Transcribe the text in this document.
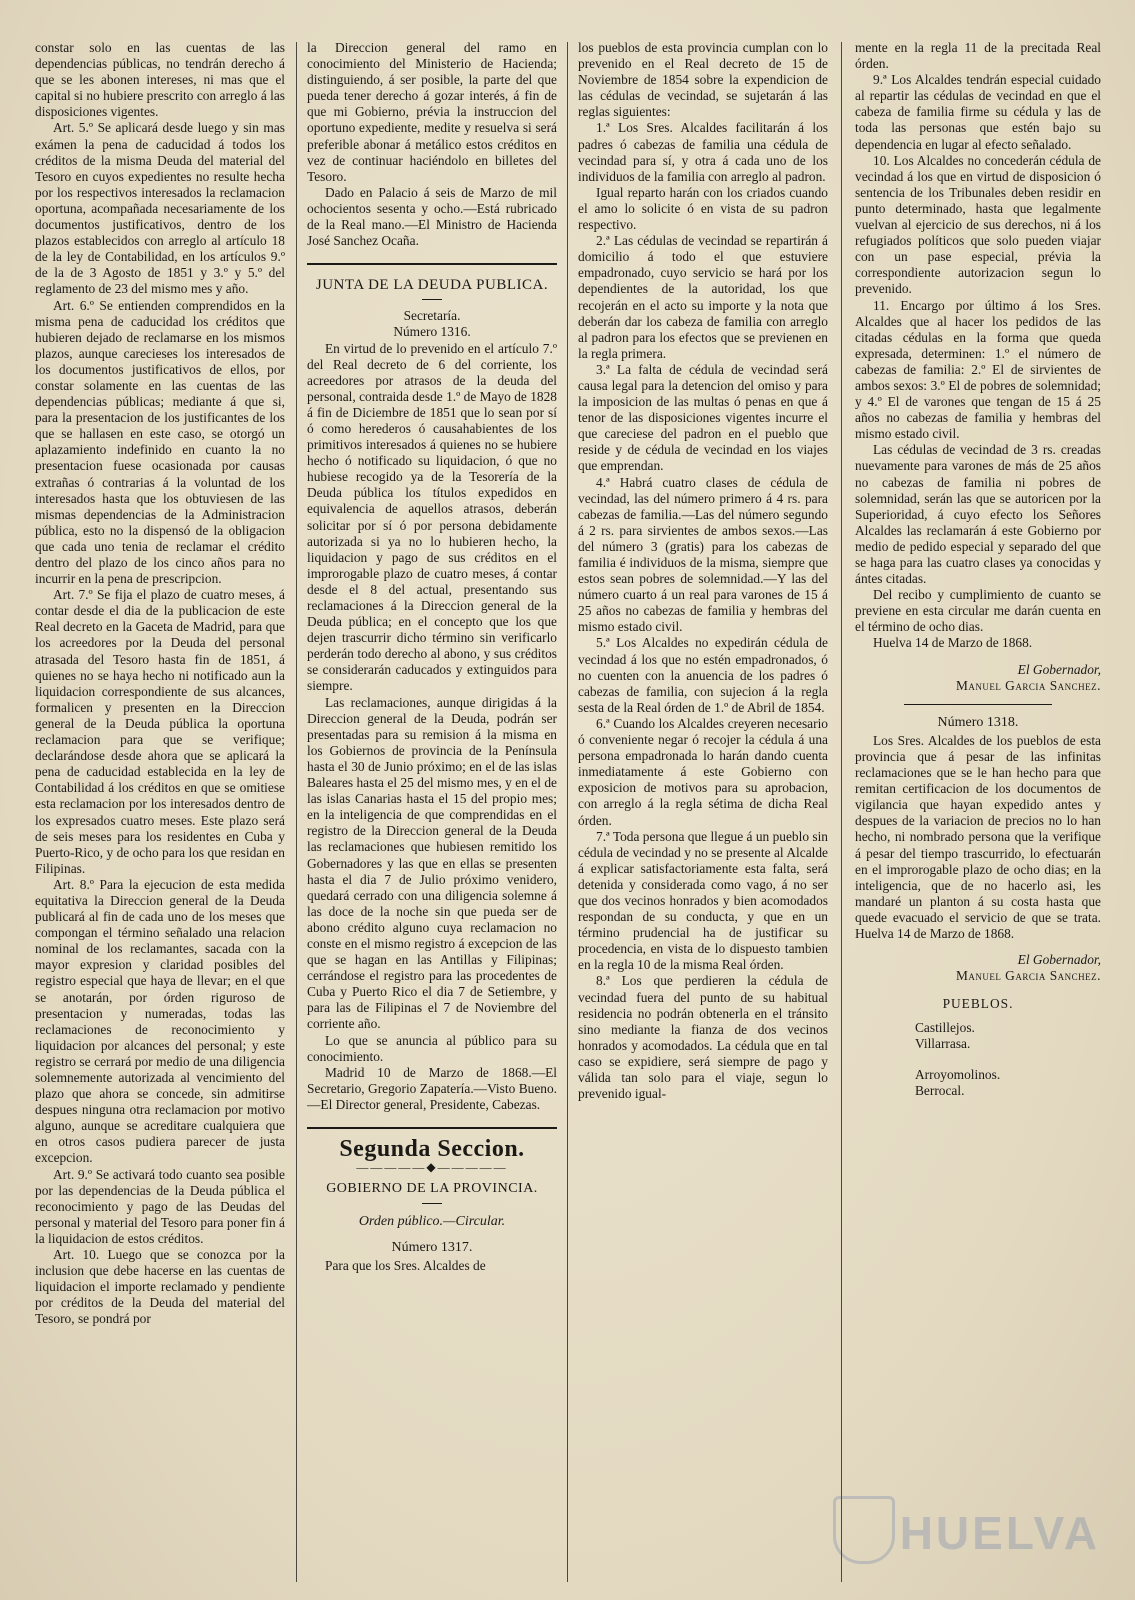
constar solo en las cuentas de las dependencias públicas, no tendrán derecho á que se les abonen intereses, ni mas que el capital si no hubiere prescrito con arreglo á las disposiciones vigentes.

Art. 5.º Se aplicará desde luego y sin mas exámen la pena de caducidad á todos los créditos de la misma Deuda del material del Tesoro en cuyos expedientes no resulte hecha por los respectivos interesados la reclamacion oportuna, acompañada necesariamente de los documentos justificativos, dentro de los plazos establecidos con arreglo al artículo 18 de la ley de Contabilidad, en los artículos 9.º de la de 3 Agosto de 1851 y 3.º y 5.º del reglamento de 23 del mismo mes y año.

Art. 6.º Se entienden comprendidos en la misma pena de caducidad los créditos que hubieren dejado de reclamarse en los mismos plazos, aunque carecieses los interesados de los documentos justificativos de ellos, por constar solamente en las cuentas de las dependencias públicas; mediante á que si, para la presentacion de los justificantes de los que se hallasen en este caso, se otorgó un aplazamiento indefinido en cuanto la no presentacion fuese ocasionada por causas extrañas ó contrarias á la voluntad de los interesados hasta que los obtuviesen de las mismas dependencias de la Administracion pública, esto no la dispensó de la obligacion que cada uno tenia de reclamar el crédito dentro del plazo de los cinco años para no incurrir en la pena de prescripcion.

Art. 7.º Se fija el plazo de cuatro meses, á contar desde el dia de la publicacion de este Real decreto en la Gaceta de Madrid, para que los acreedores por la Deuda del personal atrasada del Tesoro hasta fin de 1851, á quienes no se haya hecho ni notificado aun la liquidacion correspondiente de sus alcances, formalicen y presenten en la Direccion general de la Deuda pública la oportuna reclamacion para que se verifique; declarándose desde ahora que se aplicará la pena de caducidad establecida en la ley de Contabilidad á los créditos en que se omitiese esta reclamacion por los interesados dentro de los expresados cuatro meses. Este plazo será de seis meses para los residentes en Cuba y Puerto-Rico, y de ocho para los que residan en Filipinas.

Art. 8.º Para la ejecucion de esta medida equitativa la Direccion general de la Deuda publicará al fin de cada uno de los meses que compongan el término señalado una relacion nominal de los reclamantes, sacada con la mayor expresion y claridad posibles del registro especial que haya de llevar; en el que se anotarán, por órden riguroso de presentacion y numeradas, todas las reclamaciones de reconocimiento y liquidacion por alcances del personal; y este registro se cerrará por medio de una diligencia solemnemente autorizada al vencimiento del plazo que ahora se concede, sin admitirse despues ninguna otra reclamacion por motivo alguno, aunque se acreditare cualquiera que en otros casos pudiera parecer de justa excepcion.

Art. 9.º Se activará todo cuanto sea posible por las dependencias de la Deuda pública el reconocimiento y pago de las Deudas del personal y material del Tesoro para poner fin á la liquidacion de estos créditos.

Art. 10. Luego que se conozca por la inclusion que debe hacerse en las cuentas de liquidacion el importe reclamado y pendiente por créditos de la Deuda del material del Tesoro, se pondrá por

la Direccion general del ramo en conocimiento del Ministerio de Hacienda; distinguiendo, á ser posible, la parte del que pueda tener derecho á gozar interés, á fin de que mi Gobierno, prévia la instruccion del oportuno expediente, medite y resuelva si será preferible abonar á metálico estos créditos en vez de continuar haciéndolo en billetes del Tesoro.

Dado en Palacio á seis de Marzo de mil ochocientos sesenta y ocho.—Está rubricado de la Real mano.—El Ministro de Hacienda José Sanchez Ocaña.

JUNTA DE LA DEUDA PUBLICA.

Secretaría.

Número 1316.

En virtud de lo prevenido en el artículo 7.º del Real decreto de 6 del corriente, los acreedores por atrasos de la deuda del personal, contraida desde 1.º de Mayo de 1828 á fin de Diciembre de 1851 que lo sean por sí ó como herederos ó causahabientes de los primitivos interesados á quienes no se hubiere hecho ó notificado su liquidacion, ó que no hubiese recogido ya de la Tesorería de la Deuda pública los títulos expedidos en equivalencia de aquellos atrasos, deberán solicitar por sí ó por persona debidamente autorizada si ya no lo hubieren hecho, la liquidacion y pago de sus créditos en el improrogable plazo de cuatro meses, á contar desde el 8 del actual, presentando sus reclamaciones á la Direccion general de la Deuda pública; en el concepto que los que dejen trascurrir dicho término sin verificarlo perderán todo derecho al abono, y sus créditos se considerarán caducados y extinguidos para siempre.

Las reclamaciones, aunque dirigidas á la Direccion general de la Deuda, podrán ser presentadas para su remision á la misma en los Gobiernos de provincia de la Península hasta el 30 de Junio próximo; en el de las islas Baleares hasta el 25 del mismo mes, y en el de las islas Canarias hasta el 15 del propio mes; en la inteligencia de que comprendidas en el registro de la Direccion general de la Deuda las reclamaciones que hubiesen remitido los Gobernadores y las que en ellas se presenten hasta el dia 7 de Julio próximo venidero, quedará cerrado con una diligencia solemne á las doce de la noche sin que pueda ser de abono crédito alguno cuya reclamacion no conste en el mismo registro á excepcion de las que se hagan en las Antillas y Filipinas; cerrándose el registro para las procedentes de Cuba y Puerto Rico el dia 7 de Setiembre, y para las de Filipinas el 7 de Noviembre del corriente año.

Lo que se anuncia al público para su conocimiento.

Madrid 10 de Marzo de 1868.—El Secretario, Gregorio Zapatería.—Visto Bueno.—El Director general, Presidente, Cabezas.

Segunda Seccion.
—————◆—————
GOBIERNO DE LA PROVINCIA.
Orden público.—Circular.
Número 1317.

Para que los Sres. Alcaldes de

los pueblos de esta provincia cumplan con lo prevenido en el Real decreto de 15 de Noviembre de 1854 sobre la expendicion de las cédulas de vecindad, se sujetarán á las reglas siguientes:

1.ª Los Sres. Alcaldes facilitarán á los padres ó cabezas de familia una cédula de vecindad para sí, y otra á cada uno de los individuos de la familia con arreglo al padron.

Igual reparto harán con los criados cuando el amo lo solicite ó en vista de su padron respectivo.

2.ª Las cédulas de vecindad se repartirán á domicilio á todo el que estuviere empadronado, cuyo servicio se hará por los dependientes de la autoridad, los que recojerán en el acto su importe y la nota que deberán dar los cabeza de familia con arreglo al padron para los efectos que se previenen en la regla primera.

3.ª La falta de cédula de vecindad será causa legal para la detencion del omiso y para la imposicion de las multas ó penas en que á tenor de las disposiciones vigentes incurre el que careciese del padron en el pueblo que reside y de cédula de vecindad en los viajes que emprendan.

4.ª Habrá cuatro clases de cédula de vecindad, las del número primero á 4 rs. para cabezas de familia.—Las del número segundo á 2 rs. para sirvientes de ambos sexos.—Las del número 3 (gratis) para los cabezas de familia é individuos de la misma, siempre que estos sean pobres de solemnidad.—Y las del número cuarto á un real para varones de 15 á 25 años no cabezas de familia y hembras del mismo estado civil.

5.ª Los Alcaldes no expedirán cédula de vecindad á los que no estén empadronados, ó no cuenten con la anuencia de los padres ó cabezas de familia, con sujecion á la regla sesta de la Real órden de 1.º de Abril de 1854.

6.ª Cuando los Alcaldes creyeren necesario ó conveniente negar ó recojer la cédula á una persona empadronada lo harán dando cuenta inmediatamente á este Gobierno con exposicion de motivos para su aprobacion, con arreglo á la regla sétima de dicha Real órden.

7.ª Toda persona que llegue á un pueblo sin cédula de vecindad y no se presente al Alcalde á explicar satisfactoriamente esta falta, será detenida y considerada como vago, á no ser que dos vecinos honrados y bien acomodados respondan de su conducta, y que en un término prudencial ha de justificar su procedencia, en vista de lo dispuesto tambien en la regla 10 de la misma Real órden.

8.ª Los que perdieren la cédula de vecindad fuera del punto de su habitual residencia no podrán obtenerla en el tránsito sino mediante la fianza de dos vecinos honrados y acomodados. La cédula que en tal caso se expidiere, será siempre de pago y válida tan solo para el viaje, segun lo prevenido igual-

mente en la regla 11 de la precitada Real órden.

9.ª Los Alcaldes tendrán especial cuidado al repartir las cédulas de vecindad en que el cabeza de familia firme su cédula y las de toda las personas que estén bajo su dependencia en lugar al efecto señalado.

10. Los Alcaldes no concederán cédula de vecindad á los que en virtud de disposicion ó sentencia de los Tribunales deben residir en punto determinado, hasta que legalmente vuelvan al ejercicio de sus derechos, ni á los refugiados políticos que solo pueden viajar con un pase especial, prévia la correspondiente autorizacion segun lo prevenido.

11. Encargo por último á los Sres. Alcaldes que al hacer los pedidos de las citadas cédulas en la forma que queda expresada, determinen: 1.º el número de cabezas de familia: 2.º El de sirvientes de ambos sexos: 3.º El de pobres de solemnidad; y 4.º El de varones que tengan de 15 á 25 años no cabezas de familia y hembras del mismo estado civil.

Las cédulas de vecindad de 3 rs. creadas nuevamente para varones de más de 25 años no cabezas de familia ni pobres de solemnidad, serán las que se autoricen por la Superioridad, á cuyo efecto los Señores Alcaldes las reclamarán á este Gobierno por medio de pedido especial y separado del que se haga para las cuatro clases ya conocidas y ántes citadas.

Del recibo y cumplimiento de cuanto se previene en esta circular me darán cuenta en el término de ocho dias.

Huelva 14 de Marzo de 1868.

El Gobernador,
Manuel Garcia Sanchez.
Número 1318.

Los Sres. Alcaldes de los pueblos de esta provincia que á pesar de las infinitas reclamaciones que se le han hecho para que remitan certificacion de los documentos de vigilancia que hayan expedido antes y despues de la variacion de precios no lo han hecho, ni nombrado persona que la verifique á pesar del tiempo trascurrido, lo efectuarán en el improrogable plazo de ocho dias; en la inteligencia, que de no hacerlo asi, les mandaré un planton á su costa hasta que quede evacuado el servicio de que se trata. Huelva 14 de Marzo de 1868.

El Gobernador,
Manuel Garcia Sanchez.
PUEBLOS.

Castillejos.

Villarrasa.

Arroyomolinos.

Berrocal.

HUELVA
